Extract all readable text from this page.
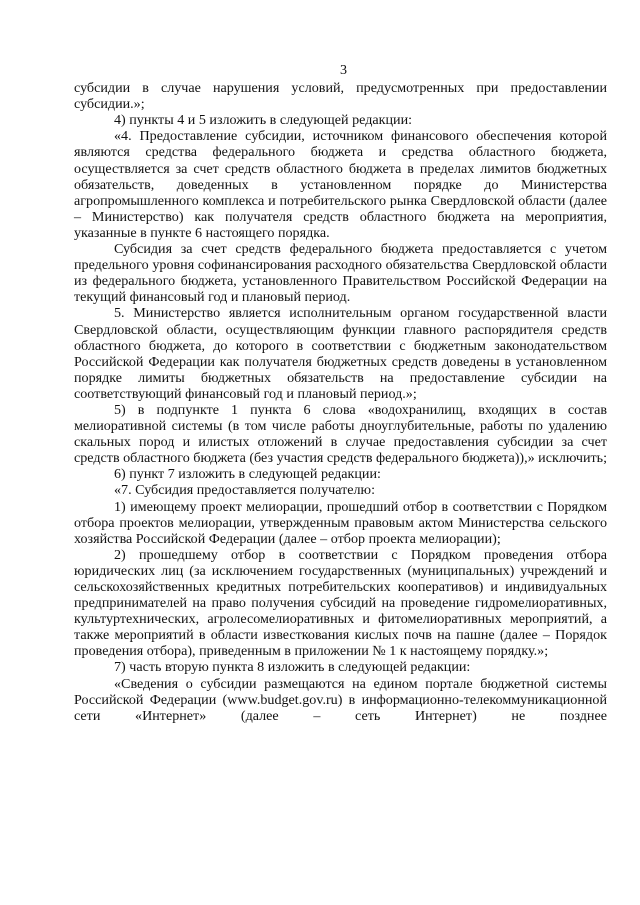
3

субсидии в случае нарушения условий, предусмотренных при предоставлении субсидии.»;

4) пункты 4 и 5 изложить в следующей редакции:

«4. Предоставление субсидии, источником финансового обеспечения которой являются средства федерального бюджета и средства областного бюджета, осуществляется за счет средств областного бюджета в пределах лимитов бюджетных обязательств, доведенных в установленном порядке до Министерства агропромышленного комплекса и потребительского рынка Свердловской области (далее – Министерство) как получателя средств областного бюджета на мероприятия, указанные в пункте 6 настоящего порядка.

Субсидия за счет средств федерального бюджета предоставляется с учетом предельного уровня софинансирования расходного обязательства Свердловской области из федерального бюджета, установленного Правительством Российской Федерации на текущий финансовый год и плановый период.

5. Министерство является исполнительным органом государственной власти Свердловской области, осуществляющим функции главного распорядителя средств областного бюджета, до которого в соответствии с бюджетным законодательством Российской Федерации как получателя бюджетных средств доведены в установленном порядке лимиты бюджетных обязательств на предоставление субсидии на соответствующий финансовый год и плановый период.»;

5) в подпункте 1 пункта 6 слова «водохранилищ, входящих в состав мелиоративной системы (в том числе работы дноуглубительные, работы по удалению скальных пород и илистых отложений в случае предоставления субсидии за счет средств областного бюджета (без участия средств федерального бюджета)),» исключить;

6) пункт 7 изложить в следующей редакции:

«7. Субсидия предоставляется получателю:

1) имеющему проект мелиорации, прошедший отбор в соответствии с Порядком отбора проектов мелиорации, утвержденным правовым актом Министерства сельского хозяйства Российской Федерации (далее – отбор проекта мелиорации);

2) прошедшему отбор в соответствии с Порядком проведения отбора юридических лиц (за исключением государственных (муниципальных) учреждений и сельскохозяйственных кредитных потребительских кооперативов) и индивидуальных предпринимателей на право получения субсидий на проведение гидромелиоративных, культуртехнических, агролесомелиоративных и фитомелиоративных мероприятий, а также мероприятий в области известкования кислых почв на пашне (далее – Порядок проведения отбора), приведенным в приложении № 1 к настоящему порядку.»;

7) часть вторую пункта 8 изложить в следующей редакции:

«Сведения о субсидии размещаются на едином портале бюджетной системы Российской Федерации (www.budget.gov.ru) в информационно-телекоммуникационной сети «Интернет» (далее – сеть Интернет) не позднее
